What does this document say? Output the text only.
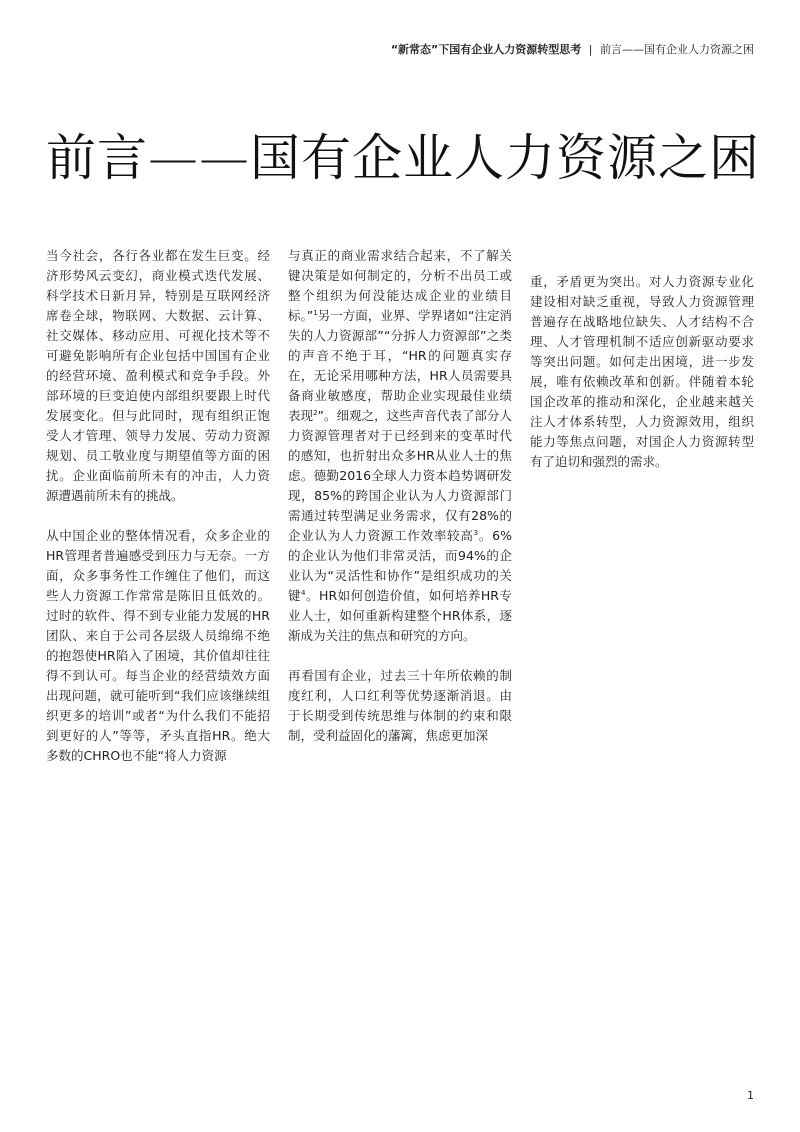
“新常态”下国有企业人力资源转型思考 | 前言——国有企业人力资源之困
前言——国有企业人力资源之困

当今社会，各行各业都在发生巨变。经济形势风云变幻，商业模式迭代发展、科学技术日新月异，特别是互联网经济席卷全球，物联网、大数据、云计算、社交媒体、移动应用、可视化技术等不可避免影响所有企业包括中国国有企业的经营环境、盈利模式和竞争手段。外部环境的巨变迫使内部组织要跟上时代发展变化。但与此同时，现有组织正饱受人才管理、领导力发展、劳动力资源规划、员工敬业度与期望值等方面的困扰。企业面临前所未有的冲击，人力资源遭遇前所未有的挑战。

从中国企业的整体情况看，众多企业的HR管理者普遍感受到压力与无奈。一方面，众多事务性工作缠住了他们，而这些人力资源工作常常是陈旧且低效的。过时的软件、得不到专业能力发展的HR团队、来自于公司各层级人员绵绵不绝的抱怨使HR陷入了困境，其价值却往往得不到认可。每当企业的经营绩效方面出现问题，就可能听到“我们应该继续组织更多的培训”或者“为什么我们不能招到更好的人”等等，矛头直指HR。绝大多数的CHRO也不能“将人力资源

与真正的商业需求结合起来，不了解关键决策是如何制定的，分析不出员工或整个组织为何没能达成企业的业绩目标。”$^1$另一方面，业界、学界诸如“注定消失的人力资源部”“分拆人力资源部”之类的声音不绝于耳，“HR的问题真实存在，无论采用哪种方法，HR人员需要具备商业敏感度，帮助企业实现最佳业绩表现$^2$”。细观之，这些声音代表了部分人力资源管理者对于已经到来的变革时代的感知，也折射出众多HR从业人士的焦虑。德勤2016全球人力资本趋势调研发现，85%的跨国企业认为人力资源部门需通过转型满足业务需求，仅有28%的企业认为人力资源工作效率较高$^3$。6%的企业认为他们非常灵活，而94%的企业认为“灵活性和协作”是组织成功的关键$^4$。HR如何创造价值，如何培养HR专业人士，如何重新构建整个HR体系，逐渐成为关注的焦点和研究的方向。

再看国有企业，过去三十年所依赖的制度红利，人口红利等优势逐渐消退。由于长期受到传统思维与体制的约束和限制，受利益固化的藩篱，焦虑更加深

重，矛盾更为突出。对人力资源专业化建设相对缺乏重视，导致人力资源管理普遍存在战略地位缺失、人才结构不合理、人才管理机制不适应创新驱动要求等突出问题。如何走出困境，进一步发展，唯有依赖改革和创新。伴随着本轮国企改革的推动和深化，企业越来越关注人才体系转型，人力资源效用，组织能力等焦点问题，对国企人力资源转型有了迫切和强烈的需求。

1
